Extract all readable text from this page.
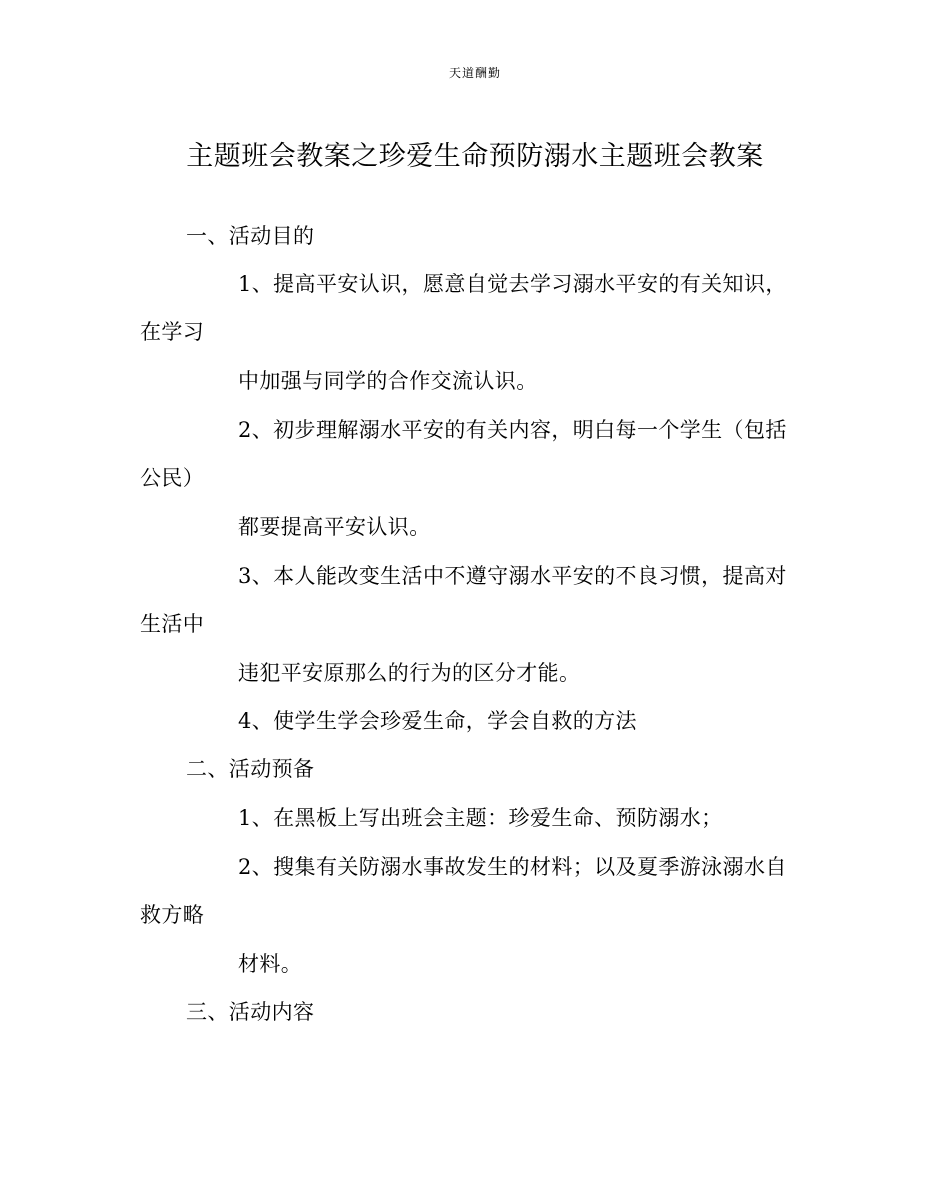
天道酬勤
主题班会教案之珍爱生命预防溺水主题班会教案
一、活动目的
1、提高平安认识，愿意自觉去学习溺水平安的有关知识，
在学习
中加强与同学的合作交流认识。
2、初步理解溺水平安的有关内容，明白每一个学生（包括
公民）
都要提高平安认识。
3、本人能改变生活中不遵守溺水平安的不良习惯，提高对
生活中
违犯平安原那么的行为的区分才能。
4、使学生学会珍爱生命，学会自救的方法
二、活动预备
1、在黑板上写出班会主题：珍爱生命、预防溺水；
2、搜集有关防溺水事故发生的材料；以及夏季游泳溺水自
救方略
材料。
三、活动内容
